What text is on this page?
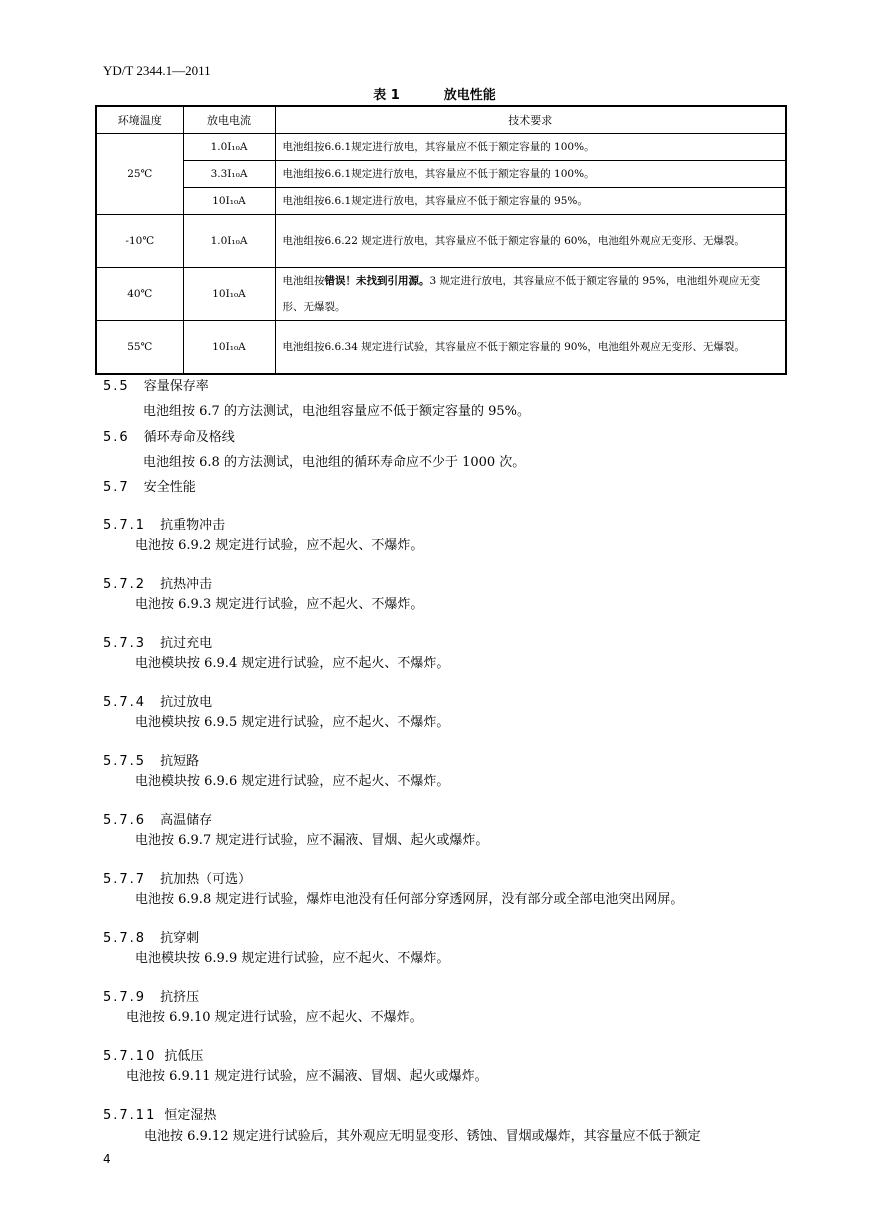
YD/T 2344.1—2011
表 1	放电性能
环境温度	放电电流	技术要求
25℃	1.0I₁₀A	电池组按6.6.1规定进行放电，其容量应不低于额定容量的 100%。
	3.3I₁₀A	电池组按6.6.1规定进行放电，其容量应不低于额定容量的 100%。
	10I₁₀A	电池组按6.6.1规定进行放电，其容量应不低于额定容量的 95%。
-10℃	1.0I₁₀A	电池组按6.6.22 规定进行放电，其容量应不低于额定容量的 60%，电池组外观应无变形、无爆裂。
40℃	10I₁₀A	电池组按错误！未找到引用源。3 规定进行放电，其容量应不低于额定容量的 95%，电池组外观应无变形、无爆裂。
55℃	10I₁₀A	电池组按6.6.34 规定进行试验，其容量应不低于额定容量的 90%，电池组外观应无变形、无爆裂。
5.5 容量保存率
电池组按 6.7 的方法测试，电池组容量应不低于额定容量的 95%。
5.6 循环寿命及格线
电池组按 6.8 的方法测试，电池组的循环寿命应不少于 1000 次。
5.7 安全性能
5.7.1 抗重物冲击
电池按 6.9.2 规定进行试验，应不起火、不爆炸。
5.7.2 抗热冲击
电池按 6.9.3 规定进行试验，应不起火、不爆炸。
5.7.3 抗过充电
电池模块按 6.9.4 规定进行试验，应不起火、不爆炸。
5.7.4 抗过放电
电池模块按 6.9.5 规定进行试验，应不起火、不爆炸。
5.7.5 抗短路
电池模块按 6.9.6 规定进行试验，应不起火、不爆炸。
5.7.6 高温储存
电池按 6.9.7 规定进行试验，应不漏液、冒烟、起火或爆炸。
5.7.7 抗加热（可选）
电池按 6.9.8 规定进行试验，爆炸电池没有任何部分穿透网屏，没有部分或全部电池突出网屏。
5.7.8 抗穿刺
电池模块按 6.9.9 规定进行试验，应不起火、不爆炸。
5.7.9 抗挤压
电池按 6.9.10 规定进行试验，应不起火、不爆炸。
5.7.10 抗低压
电池按 6.9.11 规定进行试验，应不漏液、冒烟、起火或爆炸。
5.7.11 恒定湿热
电池按 6.9.12 规定进行试验后，其外观应无明显变形、锈蚀、冒烟或爆炸，其容量应不低于额定
4
